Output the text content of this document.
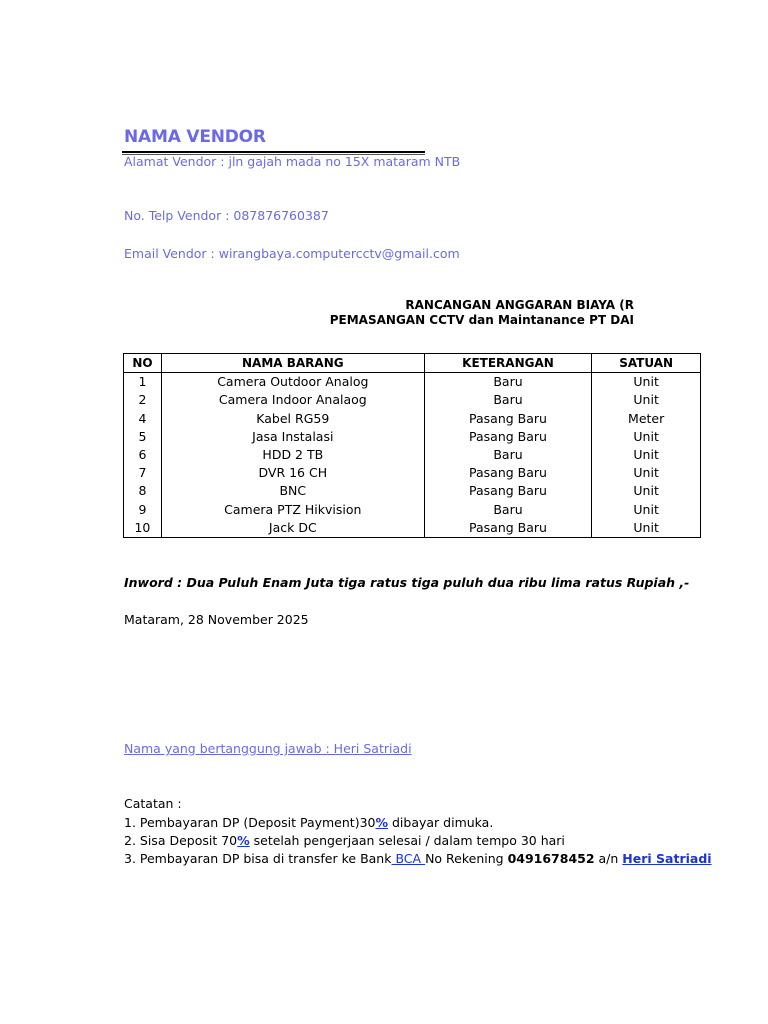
NAMA VENDOR
Alamat Vendor : jln gajah mada no 15X mataram NTB
No. Telp Vendor : 087876760387
Email Vendor : wirangbaya.computercctv@gmail.com
RANCANGAN ANGGARAN BIAYA (R
PEMASANGAN CCTV dan Maintanance PT DAI
NO	NAMA BARANG	KETERANGAN	SATUAN
1	Camera Outdoor Analog	Baru	Unit
2	Camera Indoor Analaog	Baru	Unit
4	Kabel RG59	Pasang Baru	Meter
5	Jasa Instalasi	Pasang Baru	Unit
6	HDD 2 TB	Baru	Unit
7	DVR 16 CH	Pasang Baru	Unit
8	BNC	Pasang Baru	Unit
9	Camera PTZ Hikvision	Baru	Unit
10	Jack DC	Pasang Baru	Unit
Inword : Dua Puluh Enam Juta tiga ratus tiga puluh dua ribu lima ratus Rupiah ,-
Mataram, 28 November 2025
Nama yang bertanggung jawab : Heri Satriadi
Catatan :
1. Pembayaran DP (Deposit Payment)30% dibayar dimuka.
2. Sisa Deposit 70% setelah pengerjaan selesai / dalam tempo 30 hari
3. Pembayaran DP bisa di transfer ke Bank BCA No Rekening 0491678452 a/n Heri Satriadi
